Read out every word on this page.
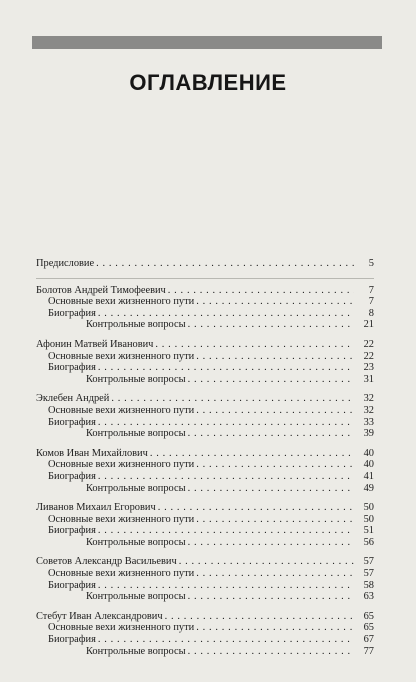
ОГЛАВЛЕНИЕ
Предисловие . . .	5
Болотов Андрей Тимофеевич . . .	7
Основные вехи жизненного пути . . .	7
Биография . . .	8
Контрольные вопросы . . .	21
Афонин Матвей Иванович . . .	22
Основные вехи жизненного пути . . .	22
Биография . . .	23
Контрольные вопросы . . .	31
Эклебен Андрей . . .	32
Основные вехи жизненного пути . . .	32
Биография . . .	33
Контрольные вопросы . . .	39
Комов Иван Михайлович . . .	40
Основные вехи жизненного пути . . .	40
Биография . . .	41
Контрольные вопросы . . .	49
Ливанов Михаил Егорович . . .	50
Основные вехи жизненного пути . . .	50
Биография . . .	51
Контрольные вопросы . . .	56
Советов Александр Васильевич . . .	57
Основные вехи жизненного пути . . .	57
Биография . . .	58
Контрольные вопросы . . .	63
Стебут Иван Александрович . . .	65
Основные вехи жизненного пути . . .	65
Биография . . .	67
Контрольные вопросы . . .	77
